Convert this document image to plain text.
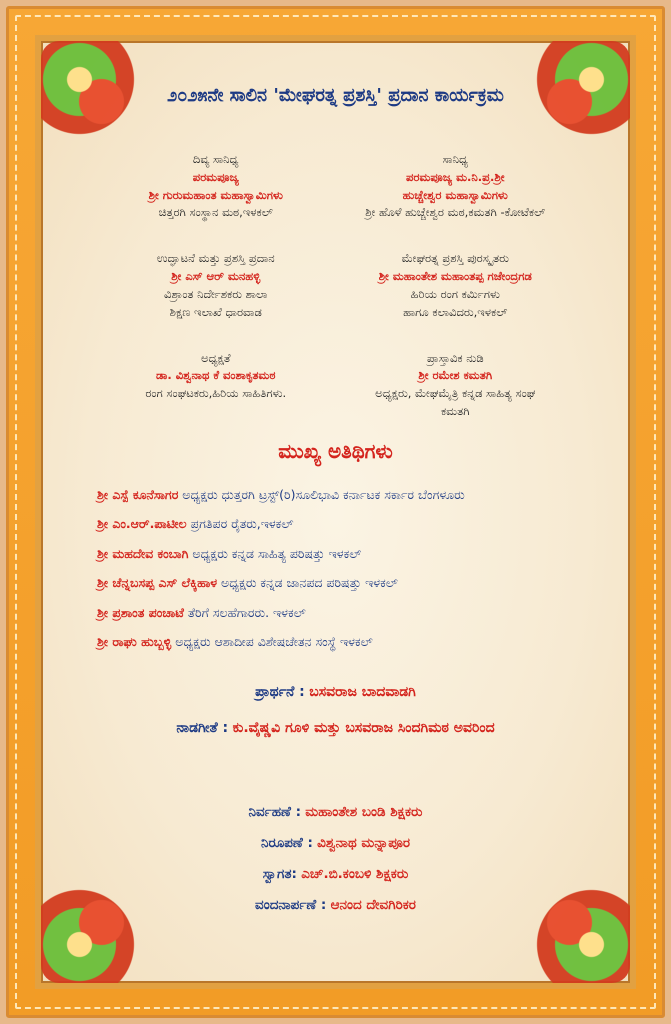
೨೦೨೫ನೇ ಸಾಲಿನ 'ಮೇಘರತ್ನ ಪ್ರಶಸ್ತಿ' ಪ್ರದಾನ ಕಾರ್ಯಕ್ರಮ
ದಿವ್ಯ ಸಾನಿಧ್ಯ
ಪರಮಪೂಜ್ಯ
ಶ್ರೀ ಗುರುಮಹಾಂತ ಮಹಾಸ್ವಾಮಿಗಳು
ಚಿತ್ತರಗಿ ಸಂಸ್ಥಾನ ಮಠ,ಇಳಕಲ್
ಸಾನಿಧ್ಯ
ಪರಮಪೂಜ್ಯ ಮ.ನಿ.ಪ್ರ.ಶ್ರೀ
ಹುಚ್ಚೇಶ್ವರ ಮಹಾಸ್ವಾಮಿಗಳು
ಶ್ರೀ ಹೊಳೆ ಹುಚ್ಚೇಶ್ವರ ಮಠ,ಕಮತಗಿ -ಕೋಟೆಕಲ್
ಉದ್ಘಾಟನೆ ಮತ್ತು ಪ್ರಶಸ್ತಿ ಪ್ರದಾನ
ಶ್ರೀ ಎಸ್ ಆರ್ ಮನಹಳ್ಳಿ
ವಿಶ್ರಾಂತ ನಿರ್ದೇಶಕರು ಶಾಲಾ
ಶಿಕ್ಷಣ ಇಲಾಖೆ ಧಾರವಾಡ
ಮೇಘರತ್ನ ಪ್ರಶಸ್ತಿ ಪುರಸ್ಕೃತರು
ಶ್ರೀ ಮಹಾಂತೇಶ ಮಹಾಂತಪ್ಪ ಗಜೇಂದ್ರಗಡ
ಹಿರಿಯ ರಂಗ ಕರ್ಮಿಗಳು
ಹಾಗೂ ಕಲಾವಿದರು,ಇಳಕಲ್
ಅಧ್ಯಕ್ಷತೆ
ಡಾ. ವಿಶ್ವನಾಥ ಕೆ ವಂಶಾಕೃತಮಠ
ರಂಗ ಸಂಘಟಕರು,ಹಿರಿಯ ಸಾಹಿತಿಗಳು.
ಪ್ರಾಸ್ತಾವಿಕ ನುಡಿ
ಶ್ರೀ ರಮೇಶ ಕಮತಗಿ
ಅಧ್ಯಕ್ಷರು, ಮೇಘಮೈತ್ರಿ ಕನ್ನಡ ಸಾಹಿತ್ಯ ಸಂಘ
ಕಮತಗಿ
ಮುಖ್ಯ ಅತಿಥಿಗಳು
ಶ್ರೀ ಎಸ್ಪೆ ಕೂನೆಸಾಗರ ಅಧ್ಯಕ್ಷರು ಧುತ್ತರಗಿ ಟ್ರಸ್ಟ್(ರಿ)ಸೂಲಿಭಾವಿ ಕರ್ನಾಟಕ ಸರ್ಕಾರ ಬೆಂಗಳೂರು
ಶ್ರೀ ಎಂ.ಆರ್.ಪಾಟೀಲ ಪ್ರಗತಿಪರ ರೈತರು,ಇಳಕಲ್
ಶ್ರೀ ಮಹದೇವ ಕಂಬಾಗಿ ಅಧ್ಯಕ್ಷರು ಕನ್ನಡ ಸಾಹಿತ್ಯ ಪರಿಷತ್ತು ಇಳಕಲ್
ಶ್ರೀ ಚೆನ್ನಬಸಪ್ಪ ಎಸ್ ಲೆಕ್ಕಿಹಾಳ ಅಧ್ಯಕ್ಷರು ಕನ್ನಡ ಜಾನಪದ ಪರಿಷತ್ತು ಇಳಕಲ್
ಶ್ರೀ ಪ್ರಶಾಂತ ಪಂಚಾಟೆ ತೆರಿಗೆ ಸಲಹೆಗಾರರು. ಇಳಕಲ್
ಶ್ರೀ ರಾಘು ಹುಬ್ಬಳ್ಳಿ ಅಧ್ಯಕ್ಷರು ಆಶಾದೀಪ ವಿಶೇಷಚೇತನ ಸಂಸ್ಥೆ ಇಳಕಲ್
ಪ್ರಾರ್ಥನೆ : ಬಸವರಾಜ ಬಾದವಾಡಗಿ
ನಾಡಗೀತೆ : ಕು.ವೈಷ್ಣವಿ ಗೂಳಿ ಮತ್ತು ಬಸವರಾಜ ಸಿಂದಗಿಮಠ ಅವರಿಂದ
ನಿರ್ವಹಣೆ : ಮಹಾಂತೇಶ ಬಂಡಿ ಶಿಕ್ಷಕರು
ನಿರೂಪಣೆ : ವಿಶ್ವನಾಥ ಮನ್ನಾಪೂರ
ಸ್ವಾಗತ: ಎಚ್.ಬಿ.ಕಂಬಳಿ ಶಿಕ್ಷಕರು
ವಂದನಾರ್ಪಣೆ : ಆನಂದ ದೇವಗಿರಿಕರ
